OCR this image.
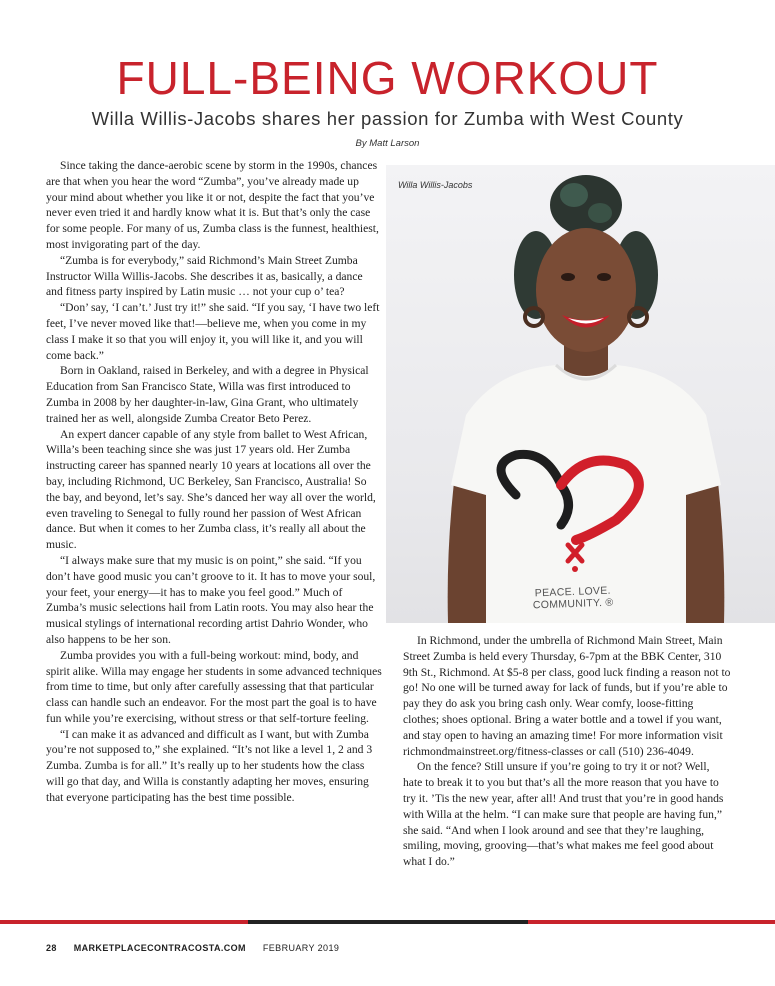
FULL-BEING WORKOUT
Willa Willis-Jacobs shares her passion for Zumba with West County
By Matt Larson

Since taking the dance-aerobic scene by storm in the 1990s, chances are that when you hear the word “Zumba”, you’ve already made up your mind about whether you like it or not, despite the fact that you’ve never even tried it and hardly know what it is. But that’s only the case for some people. For many of us, Zumba class is the funnest, healthiest, most invigorating part of the day.

“Zumba is for everybody,” said Richmond’s Main Street Zumba Instructor Willa Willis-Jacobs. She describes it as, basically, a dance and fitness party inspired by Latin music … not your cup o’ tea?

“Don’ say, ‘I can’t.’ Just try it!” she said. “If you say, ‘I have two left feet, I’ve never moved like that!—believe me, when you come in my class I make it so that you will enjoy it, you will like it, and you will come back.”

Born in Oakland, raised in Berkeley, and with a degree in Physical Education from San Francisco State, Willa was first introduced to Zumba in 2008 by her daughter-in-law, Gina Grant, who ultimately trained her as well, alongside Zumba Creator Beto Perez.

An expert dancer capable of any style from ballet to West African, Willa’s been teaching since she was just 17 years old. Her Zumba instructing career has spanned nearly 10 years at locations all over the bay, including Richmond, UC Berkeley, San Francisco, Australia! So the bay, and beyond, let’s say. She’s danced her way all over the world, even traveling to Senegal to fully round her passion of West African dance. But when it comes to her Zumba class, it’s really all about the music.

“I always make sure that my music is on point,” she said. “If you don’t have good music you can’t groove to it. It has to move your soul, your feet, your energy—it has to make you feel good.” Much of Zumba’s music selections hail from Latin roots. You may also hear the musical stylings of international recording artist Dahrio Wonder, who also happens to be her son.

Zumba provides you with a full-being workout: mind, body, and spirit alike. Willa may engage her students in some advanced techniques from time to time, but only after carefully assessing that that particular class can handle such an endeavor. For the most part the goal is to have fun while you’re exercising, without stress or that self-torture feeling.

“I can make it as advanced and difficult as I want, but with Zumba you’re not supposed to,” she explained. “It’s not like a level 1, 2 and 3 Zumba. Zumba is for all.” It’s really up to her students how the class will go that day, and Willa is constantly adapting her moves, ensuring that everyone participating has the best time possible.

Willa Willis-Jacobs
PEACE. LOVE. COMMUNITY. ®

In Richmond, under the umbrella of Richmond Main Street, Main Street Zumba is held every Thursday, 6-7pm at the BBK Center, 310 9th St., Richmond. At $5-8 per class, good luck finding a reason not to go! No one will be turned away for lack of funds, but if you’re able to pay they do ask you bring cash only. Wear comfy, loose-fitting clothes; shoes optional. Bring a water bottle and a towel if you want, and stay open to having an amazing time! For more information visit richmondmainstreet.org/fitness-classes or call (510) 236-4049.

On the fence? Still unsure if you’re going to try it or not? Well, hate to break it to you but that’s all the more reason that you have to try it. ’Tis the new year, after all! And trust that you’re in good hands with Willa at the helm. “I can make sure that people are having fun,” she said. “And when I look around and see that they’re laughing, smiling, moving, grooving—that’s what makes me feel good about what I do.”

28 MARKETPLACECONTRACOSTA.COM FEBRUARY 2019
